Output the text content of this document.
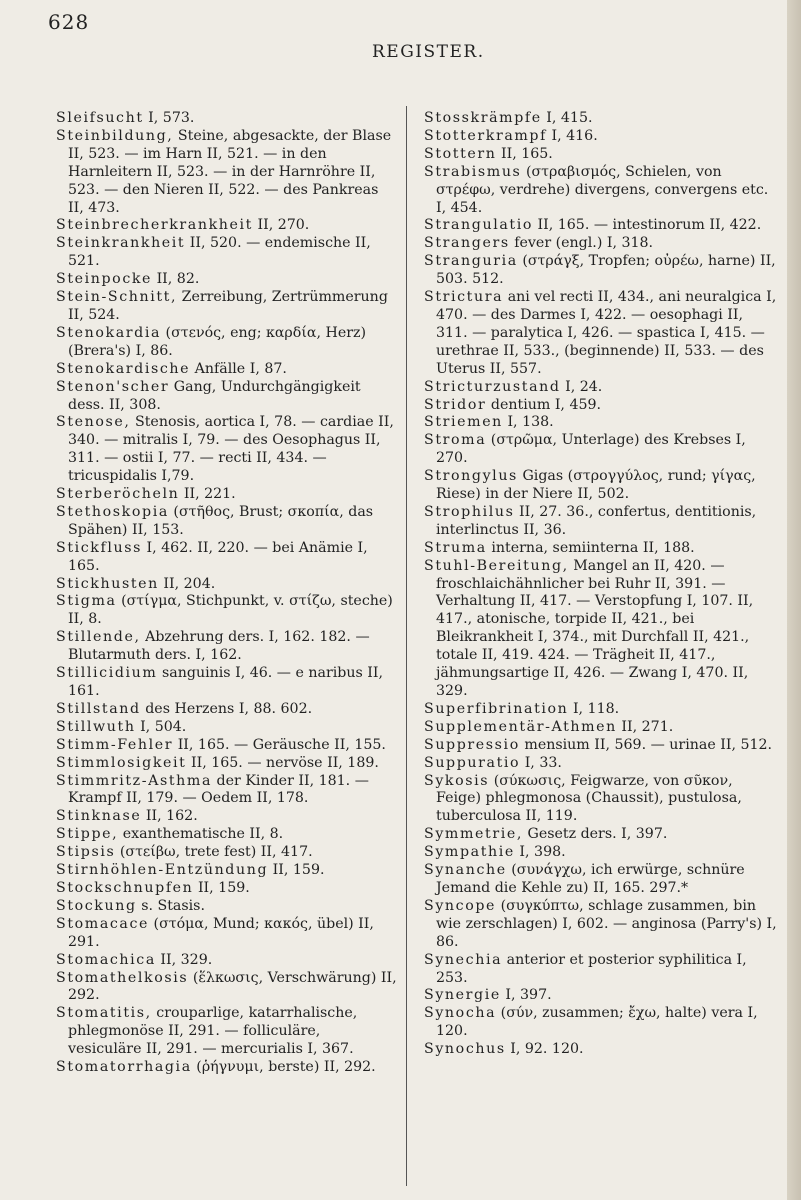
628
REGISTER.
Sleifsucht I, 573.
Steinbildung, Steine, abgesackte, der Blase II, 523. — im Harn II, 521. — in den Harnleitern II, 523. — in der Harnröhre II, 523. — den Nieren II, 522. — des Pankreas II, 473.
Steinbrecherkrankheit II, 270.
Steinkrankheit II, 520. — endemische II, 521.
Steinpocke II, 82.
Stein-Schnitt, Zerreibung, Zertrümmerung II, 524.
Stenokardia (στενός, eng; καρδία, Herz) (Brera's) I, 86.
Stenokardische Anfälle I, 87.
Stenon'scher Gang, Undurchgängigkeit dess. II, 308.
Stenose, Stenosis, aortica I, 78. — cardiae II, 340. — mitralis I, 79. — des Oesophagus II, 311. — ostii I, 77. — recti II, 434. — tricuspidalis I,79.
Sterberöcheln II, 221.
Stethoskopia (στῆθος, Brust; σκοπία, das Spähen) II, 153.
Stickfluss I, 462. II, 220. — bei Anämie I, 165.
Stickhusten II, 204.
Stigma (στίγμα, Stichpunkt, v. στίζω, steche) II, 8.
Stillende, Abzehrung ders. I, 162. 182. — Blutarmuth ders. I, 162.
Stillicidium sanguinis I, 46. — e naribus II, 161.
Stillstand des Herzens I, 88. 602.
Stillwuth I, 504.
Stimm-Fehler II, 165. — Geräusche II, 155.
Stimmlosigkeit II, 165. — nervöse II, 189.
Stimmritz-Asthma der Kinder II, 181. — Krampf II, 179. — Oedem II, 178.
Stinknase II, 162.
Stippe, exanthematische II, 8.
Stipsis (στείβω, trete fest) II, 417.
Stirnhöhlen-Entzündung II, 159.
Stockschnupfen II, 159.
Stockung s. Stasis.
Stomacace (στόμα, Mund; κακός, übel) II, 291.
Stomachica II, 329.
Stomathelkosis (ἕλκωσις, Verschwärung) II, 292.
Stomatitis, crouparlige, katarrhalische, phlegmonöse II, 291. — folliculäre, vesiculäre II, 291. — mercurialis I, 367.
Stomatorrhagia (ῥήγνυμι, berste) II, 292.
Stosskrämpfe I, 415.
Stotterkrampf I, 416.
Stottern II, 165.
Strabismus (στραβισμός, Schielen, von στρέφω, verdrehe) divergens, convergens etc. I, 454.
Strangulatio II, 165. — intestinorum II, 422.
Strangers fever (engl.) I, 318.
Stranguria (στράγξ, Tropfen; οὐρέω, harne) II, 503. 512.
Strictura ani vel recti II, 434., ani neuralgica I, 470. — des Darmes I, 422. — oesophagi II, 311. — paralytica I, 426. — spastica I, 415. — urethrae II, 533., (beginnende) II, 533. — des Uterus II, 557.
Stricturzustand I, 24.
Stridor dentium I, 459.
Striemen I, 138.
Stroma (στρῶμα, Unterlage) des Krebses I, 270.
Strongylus Gigas (στρογγύλος, rund; γίγας, Riese) in der Niere II, 502.
Strophilus II, 27. 36., confertus, dentitionis, interlinctus II, 36.
Struma interna, semiinterna II, 188.
Stuhl-Bereitung, Mangel an II, 420. — froschlaichähnlicher bei Ruhr II, 391. — Verhaltung II, 417. — Verstopfung I, 107. II, 417., atonische, torpide II, 421., bei Bleikrankheit I, 374., mit Durchfall II, 421., totale II, 419. 424. — Trägheit II, 417., jähmungsartige II, 426. — Zwang I, 470. II, 329.
Superfibrination I, 118.
Supplementär-Athmen II, 271.
Suppressio mensium II, 569. — urinae II, 512.
Suppuratio I, 33.
Sykosis (σύκωσις, Feigwarze, von σῦκον, Feige) phlegmonosa (Chaussit), pustulosa, tuberculosa II, 119.
Symmetrie, Gesetz ders. I, 397.
Sympathie I, 398.
Synanche (συνάγχω, ich erwürge, schnüre Jemand die Kehle zu) II, 165. 297.*
Syncope (συγκύπτω, schlage zusammen, bin wie zerschlagen) I, 602. — anginosa (Parry's) I, 86.
Synechia anterior et posterior syphilitica I, 253.
Synergie I, 397.
Synocha (σύν, zusammen; ἔχω, halte) vera I, 120.
Synochus I, 92. 120.
